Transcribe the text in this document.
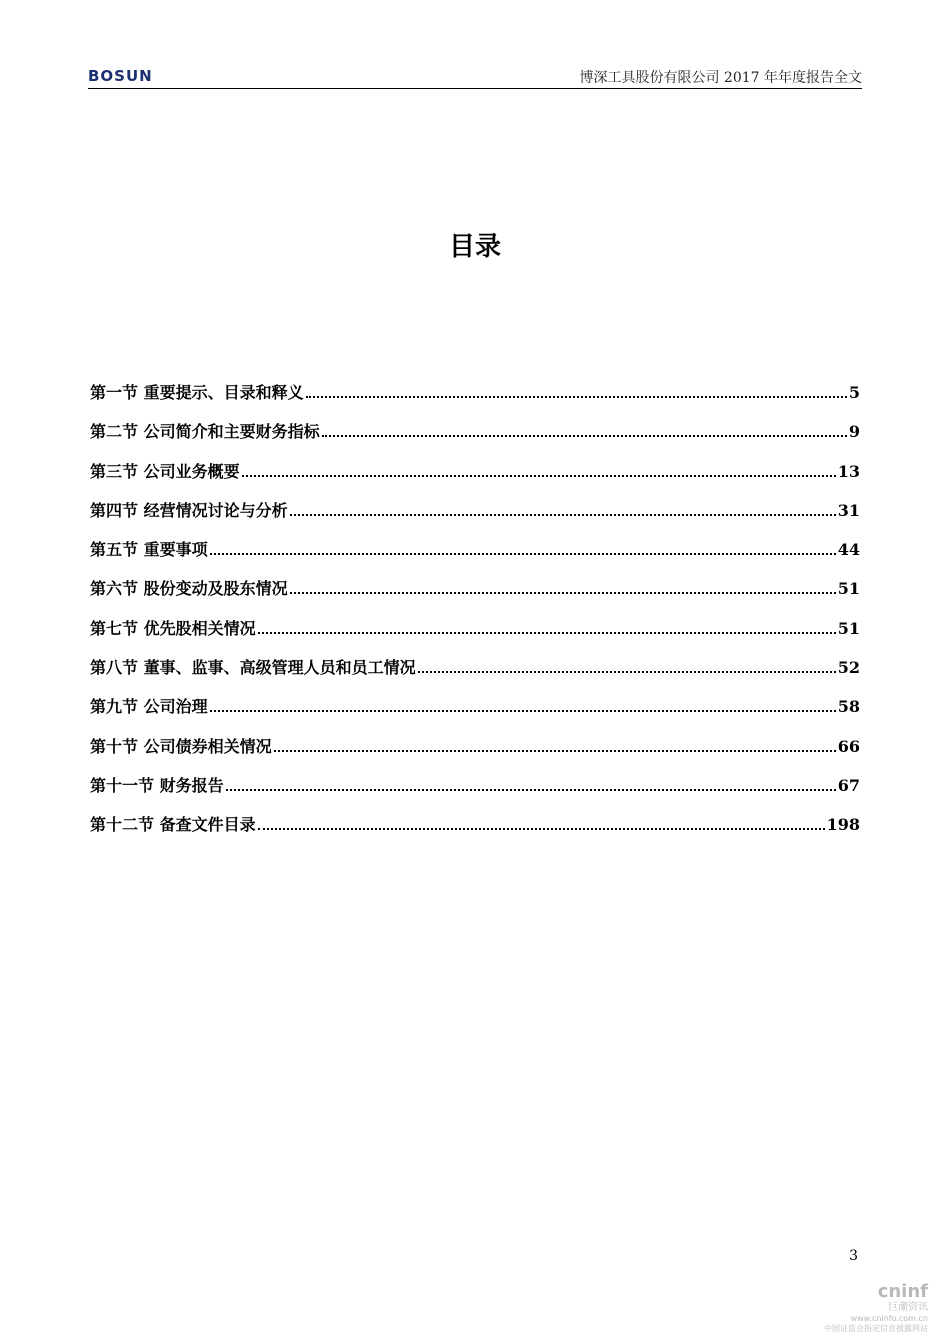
BOSUN	博深工具股份有限公司 2017 年年度报告全文
目录
第一节 重要提示、目录和释义	5
第二节 公司简介和主要财务指标	9
第三节 公司业务概要	13
第四节 经营情况讨论与分析	31
第五节 重要事项	44
第六节 股份变动及股东情况	51
第七节 优先股相关情况	51
第八节 董事、监事、高级管理人员和员工情况	52
第九节 公司治理	58
第十节 公司债券相关情况	66
第十一节 财务报告	67
第十二节 备查文件目录	198
3
cninf
巨潮资讯
www.cninfo.com.cn
中国证监会指定信息披露网站
